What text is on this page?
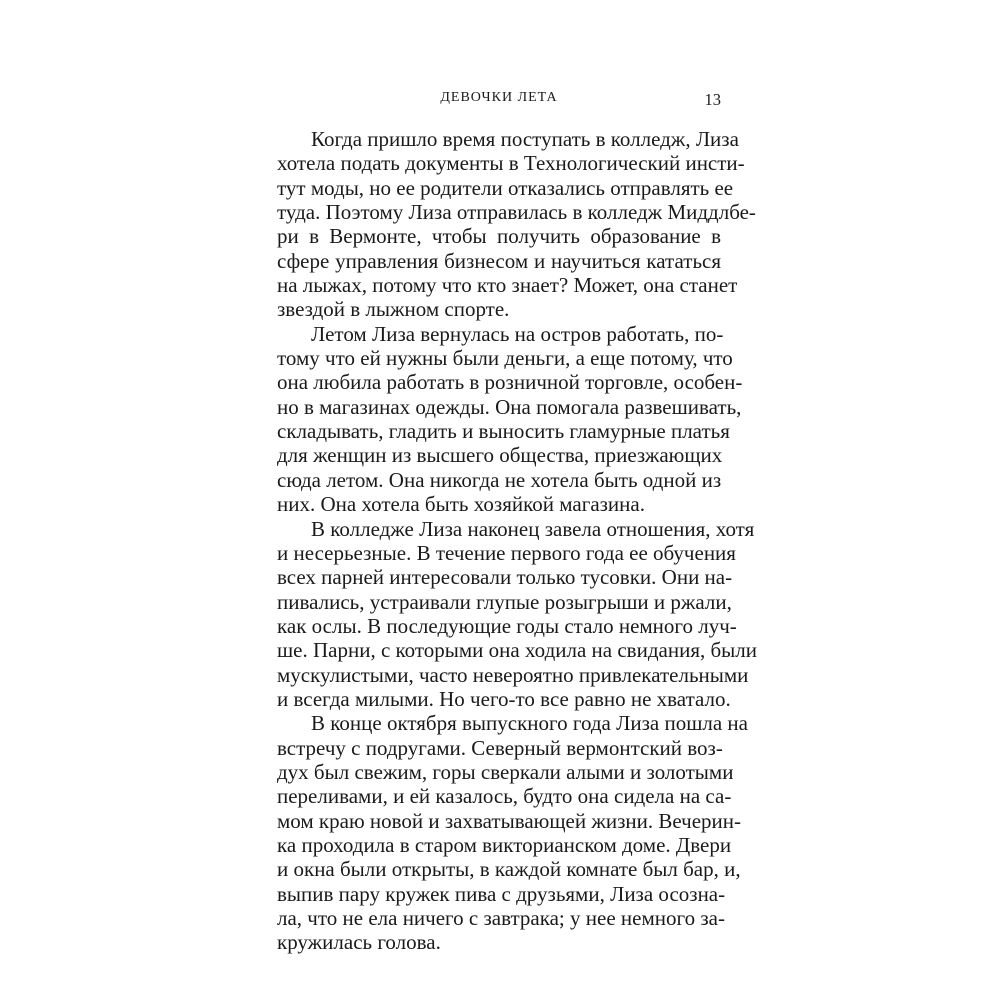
ДЕВОЧКИ ЛЕТА	13
Когда пришло время поступать в колледж, Лиза
хотела подать документы в Технологический инсти-
тут моды, но ее родители отказались отправлять ее
туда. Поэтому Лиза отправилась в колледж Миддлбе-
ри в Вермонте, чтобы получить образование в
сфере управления бизнесом и научиться кататься
на лыжах, потому что кто знает? Может, она станет
звездой в лыжном спорте.
Летом Лиза вернулась на остров работать, по-
тому что ей нужны были деньги, а еще потому, что
она любила работать в розничной торговле, особен-
но в магазинах одежды. Она помогала развешивать,
складывать, гладить и выносить гламурные платья
для женщин из высшего общества, приезжающих
сюда летом. Она никогда не хотела быть одной из
них. Она хотела быть хозяйкой магазина.
В колледже Лиза наконец завела отношения, хотя
и несерьезные. В течение первого года ее обучения
всех парней интересовали только тусовки. Они на-
пивались, устраивали глупые розыгрыши и ржали,
как ослы. В последующие годы стало немного луч-
ше. Парни, с которыми она ходила на свидания, были
мускулистыми, часто невероятно привлекательными
и всегда милыми. Но чего-то все равно не хватало.
В конце октября выпускного года Лиза пошла на
встречу с подругами. Северный вермонтский воз-
дух был свежим, горы сверкали алыми и золотыми
переливами, и ей казалось, будто она сидела на са-
мом краю новой и захватывающей жизни. Вечерин-
ка проходила в старом викторианском доме. Двери
и окна были открыты, в каждой комнате был бар, и,
выпив пару кружек пива с друзьями, Лиза осозна-
ла, что не ела ничего с завтрака; у нее немного за-
кружилась голова.
